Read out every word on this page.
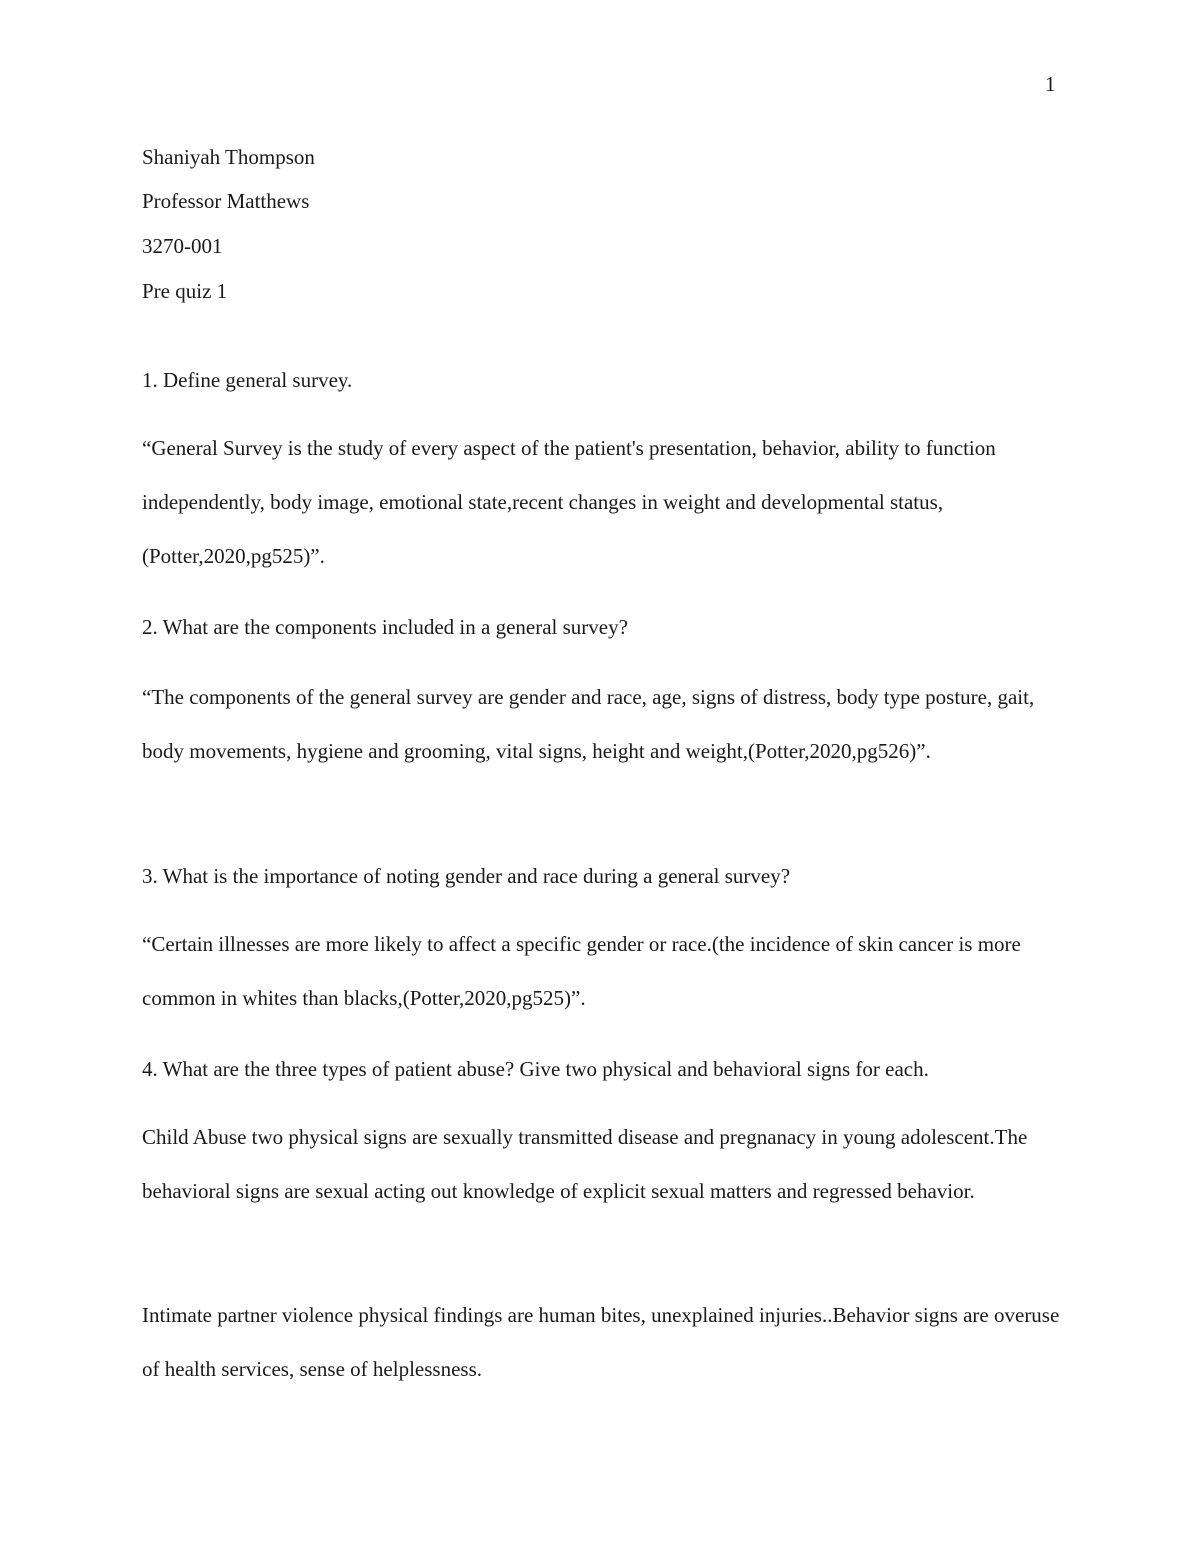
1
Shaniyah Thompson
Professor Matthews
3270-001
Pre quiz 1

1. Define general survey.

“General Survey is the study of every aspect of the patient's presentation, behavior, ability to function independently, body image, emotional state,recent changes in weight and developmental status,(Potter,2020,pg525)”.

2. What are the components included in a general survey?

“The components of the general survey are gender and race, age, signs of distress, body type posture, gait, body movements, hygiene and grooming, vital signs, height and weight,(Potter,2020,pg526)”.

3. What is the importance of noting gender and race during a general survey?

“Certain illnesses are more likely to affect a specific gender or race.(the incidence of skin cancer is more common in whites than blacks,(Potter,2020,pg525)”.

4. What are the three types of patient abuse? Give two physical and behavioral signs for each.

Child Abuse two physical signs are sexually transmitted disease and pregnanacy in young adolescent.The behavioral signs are sexual acting out knowledge of explicit sexual matters and regressed behavior.

Intimate partner violence physical findings are human bites, unexplained injuries..Behavior signs are overuse of health services, sense of helplessness.
